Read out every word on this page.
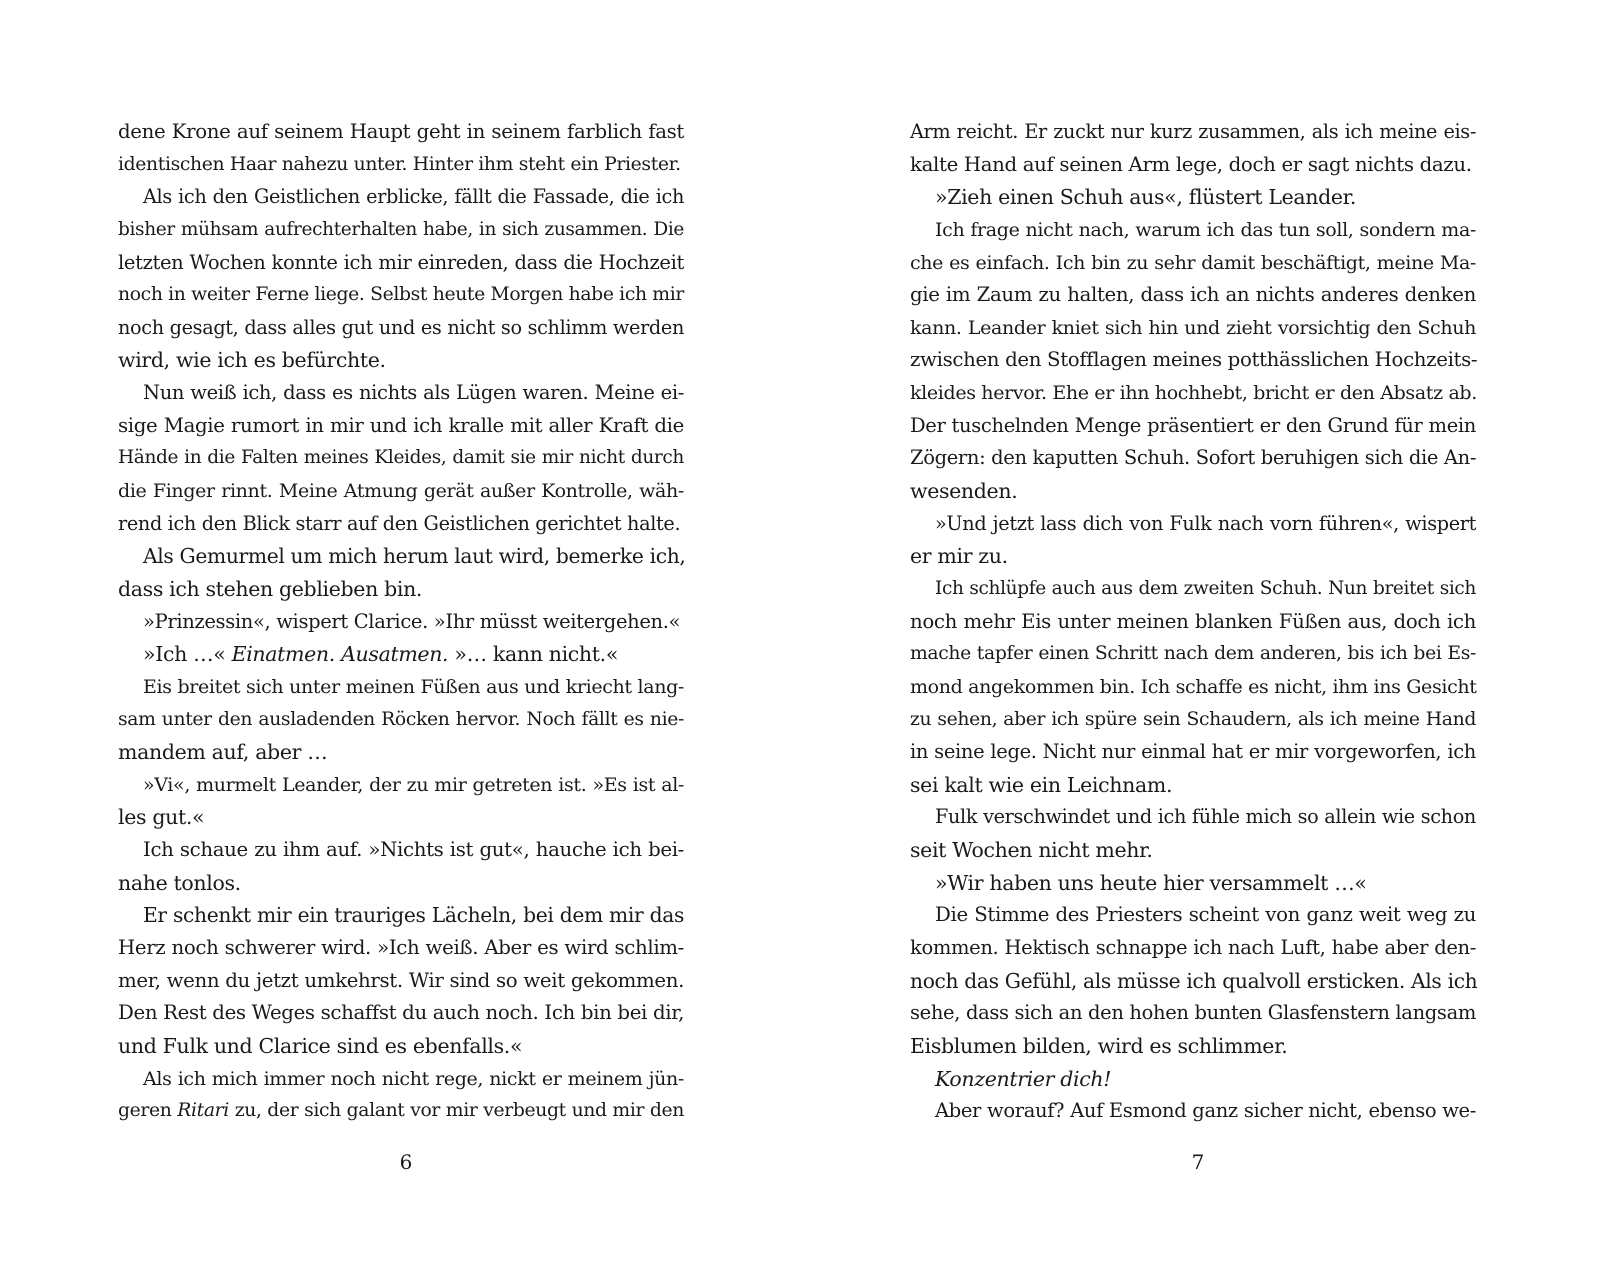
dene Krone auf seinem Haupt geht in seinem farblich fast
identischen Haar nahezu unter. Hinter ihm steht ein Priester.
Als ich den Geistlichen erblicke, fällt die Fassade, die ich
bisher mühsam aufrechterhalten habe, in sich zusammen. Die
letzten Wochen konnte ich mir einreden, dass die Hochzeit
noch in weiter Ferne liege. Selbst heute Morgen habe ich mir
noch gesagt, dass alles gut und es nicht so schlimm werden
wird, wie ich es befürchte.
Nun weiß ich, dass es nichts als Lügen waren. Meine ei-
sige Magie rumort in mir und ich kralle mit aller Kraft die
Hände in die Falten meines Kleides, damit sie mir nicht durch
die Finger rinnt. Meine Atmung gerät außer Kontrolle, wäh-
rend ich den Blick starr auf den Geistlichen gerichtet halte.
Als Gemurmel um mich herum laut wird, bemerke ich,
dass ich stehen geblieben bin.
»Prinzessin«, wispert Clarice. »Ihr müsst weitergehen.«
»Ich …« Einatmen. Ausatmen. »… kann nicht.«
Eis breitet sich unter meinen Füßen aus und kriecht lang-
sam unter den ausladenden Röcken hervor. Noch fällt es nie-
mandem auf, aber …
»Vi«, murmelt Leander, der zu mir getreten ist. »Es ist al-
les gut.«
Ich schaue zu ihm auf. »Nichts ist gut«, hauche ich bei-
nahe tonlos.
Er schenkt mir ein trauriges Lächeln, bei dem mir das
Herz noch schwerer wird. »Ich weiß. Aber es wird schlim-
mer, wenn du jetzt umkehrst. Wir sind so weit gekommen.
Den Rest des Weges schaffst du auch noch. Ich bin bei dir,
und Fulk und Clarice sind es ebenfalls.«
Als ich mich immer noch nicht rege, nickt er meinem jün-
geren Ritari zu, der sich galant vor mir verbeugt und mir den
Arm reicht. Er zuckt nur kurz zusammen, als ich meine eis-
kalte Hand auf seinen Arm lege, doch er sagt nichts dazu.
»Zieh einen Schuh aus«, flüstert Leander.
Ich frage nicht nach, warum ich das tun soll, sondern ma-
che es einfach. Ich bin zu sehr damit beschäftigt, meine Ma-
gie im Zaum zu halten, dass ich an nichts anderes denken
kann. Leander kniet sich hin und zieht vorsichtig den Schuh
zwischen den Stofflagen meines potthässlichen Hochzeits-
kleides hervor. Ehe er ihn hochhebt, bricht er den Absatz ab.
Der tuschelnden Menge präsentiert er den Grund für mein
Zögern: den kaputten Schuh. Sofort beruhigen sich die An-
wesenden.
»Und jetzt lass dich von Fulk nach vorn führen«, wispert
er mir zu.
Ich schlüpfe auch aus dem zweiten Schuh. Nun breitet sich
noch mehr Eis unter meinen blanken Füßen aus, doch ich
mache tapfer einen Schritt nach dem anderen, bis ich bei Es-
mond angekommen bin. Ich schaffe es nicht, ihm ins Gesicht
zu sehen, aber ich spüre sein Schaudern, als ich meine Hand
in seine lege. Nicht nur einmal hat er mir vorgeworfen, ich
sei kalt wie ein Leichnam.
Fulk verschwindet und ich fühle mich so allein wie schon
seit Wochen nicht mehr.
»Wir haben uns heute hier versammelt …«
Die Stimme des Priesters scheint von ganz weit weg zu
kommen. Hektisch schnappe ich nach Luft, habe aber den-
noch das Gefühl, als müsse ich qualvoll ersticken. Als ich
sehe, dass sich an den hohen bunten Glasfenstern langsam
Eisblumen bilden, wird es schlimmer.
Konzentrier dich!
Aber worauf? Auf Esmond ganz sicher nicht, ebenso we-
6	7
